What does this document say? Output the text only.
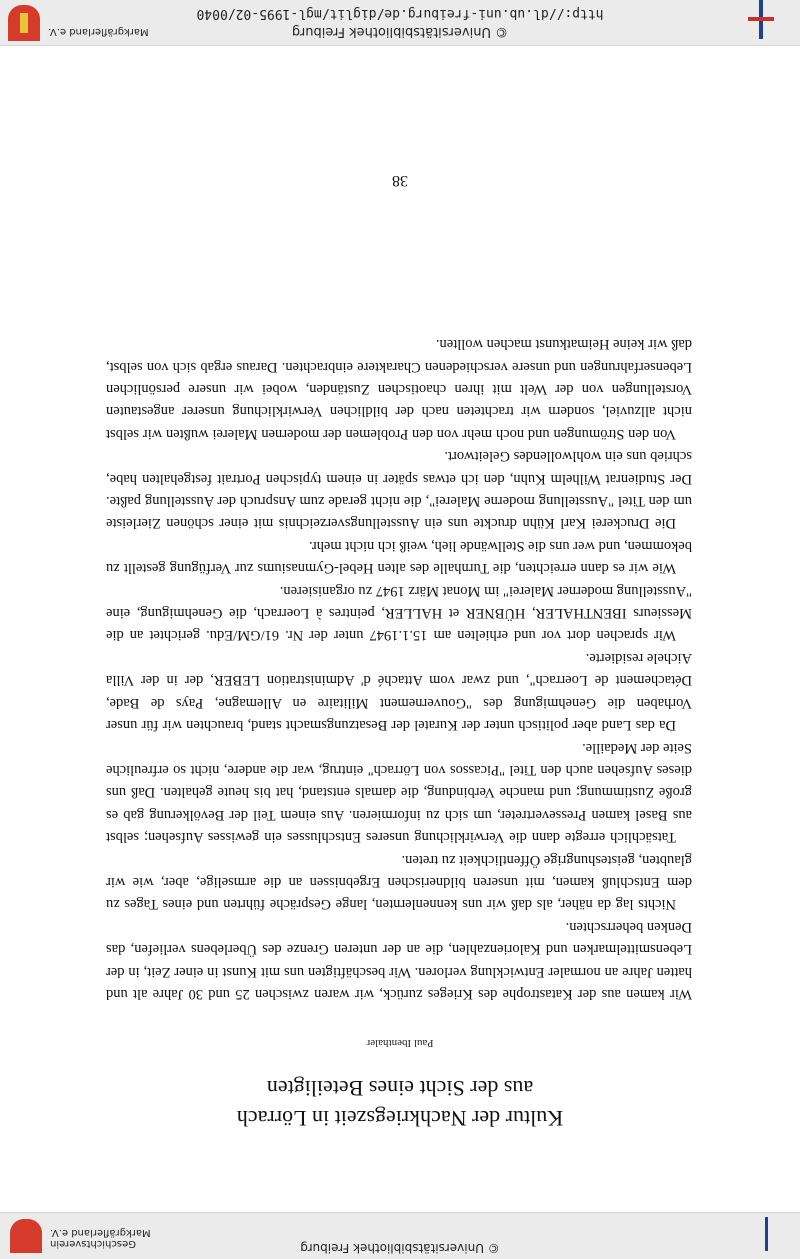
© Universitätsbibliothek Freiburg
Geschichtsverein
Markgräflerland e.V.
Kultur der Nachkriegszeit in Lörrach
aus der Sicht eines Beteiligten
Paul Ibenthaler

Wir kamen aus der Katastrophe des Krieges zurück, wir waren zwischen 25 und 30 Jahre alt und hatten Jahre an normaler Entwicklung verloren. Wir beschäftigten uns mit Kunst in einer Zeit, in der Lebensmittelmarken und Kalorienzahlen, die an der unteren Grenze des Überlebens verliefen, das Denken beherrschten.

Nichts lag da näher, als daß wir uns kennenlernten, lange Gespräche führten und eines Tages zu dem Entschluß kamen, mit unseren bildnerischen Ergebnissen an die armselige, aber, wie wir glaubten, geisteshungrige Öffentlichkeit zu treten.

Tatsächlich erregte dann die Verwirklichung unseres Entschlusses ein gewisses Aufsehen; selbst aus Basel kamen Pressevertreter, um sich zu informieren. Aus einem Teil der Bevölkerung gab es große Zustimmung; und manche Verbindung, die damals entstand, hat bis heute gehalten. Daß uns dieses Aufsehen auch den Titel "Picassos von Lörrach" eintrug, war die andere, nicht so erfreuliche Seite der Medaille.

Da das Land aber politisch unter der Kuratel der Besatzungsmacht stand, brauchten wir für unser Vorhaben die Genehmigung des "Gouvernement Militaire en Allemagne, Pays de Bade, Détachement de Loerrach", und zwar vom Attaché d' Administration LEBER, der in der Villa Aichele residierte.

Wir sprachen dort vor und erhielten am 15.1.1947 unter der Nr. 61/GM/Edu. gerichtet an die Messieurs IBENTHALER, HÜBNER et HALLER, peintres à Loerrach, die Genehmigung, eine "Ausstellung moderner Malerei" im Monat März 1947 zu organisieren.

Wie wir es dann erreichten, die Turnhalle des alten Hebel-Gymnasiums zur Verfügung gestellt zu bekommen, und wer uns die Stellwände lieh, weiß ich nicht mehr.

Die Druckerei Karl Kühn druckte uns ein Ausstellungsverzeichnis mit einer schönen Zierleiste um den Titel "Ausstellung moderne Malerei", die nicht gerade zum Anspruch der Ausstellung paßte. Der Studienrat Wilhelm Kuhn, den ich etwas später in einem typischen Portrait festgehalten habe, schrieb uns ein wohlwollendes Geleitwort.

Von den Strömungen und noch mehr von den Problemen der modernen Malerei wußten wir selbst nicht allzuviel, sondern wir trachteten nach der bildlichen Verwirklichung unserer angestauten Vorstellungen von der Welt mit ihren chaotischen Zuständen, wobei wir unsere persönlichen Lebenserfahrungen und unsere verschiedenen Charaktere einbrachten. Daraus ergab sich von selbst, daß wir keine Heimatkunst machen wollten.

38
© Universitätsbibliothek Freiburg
http://dl.ub.uni-freiburg.de/diglit/mgl-1995-02/0040
Markgräflerland e.V.
